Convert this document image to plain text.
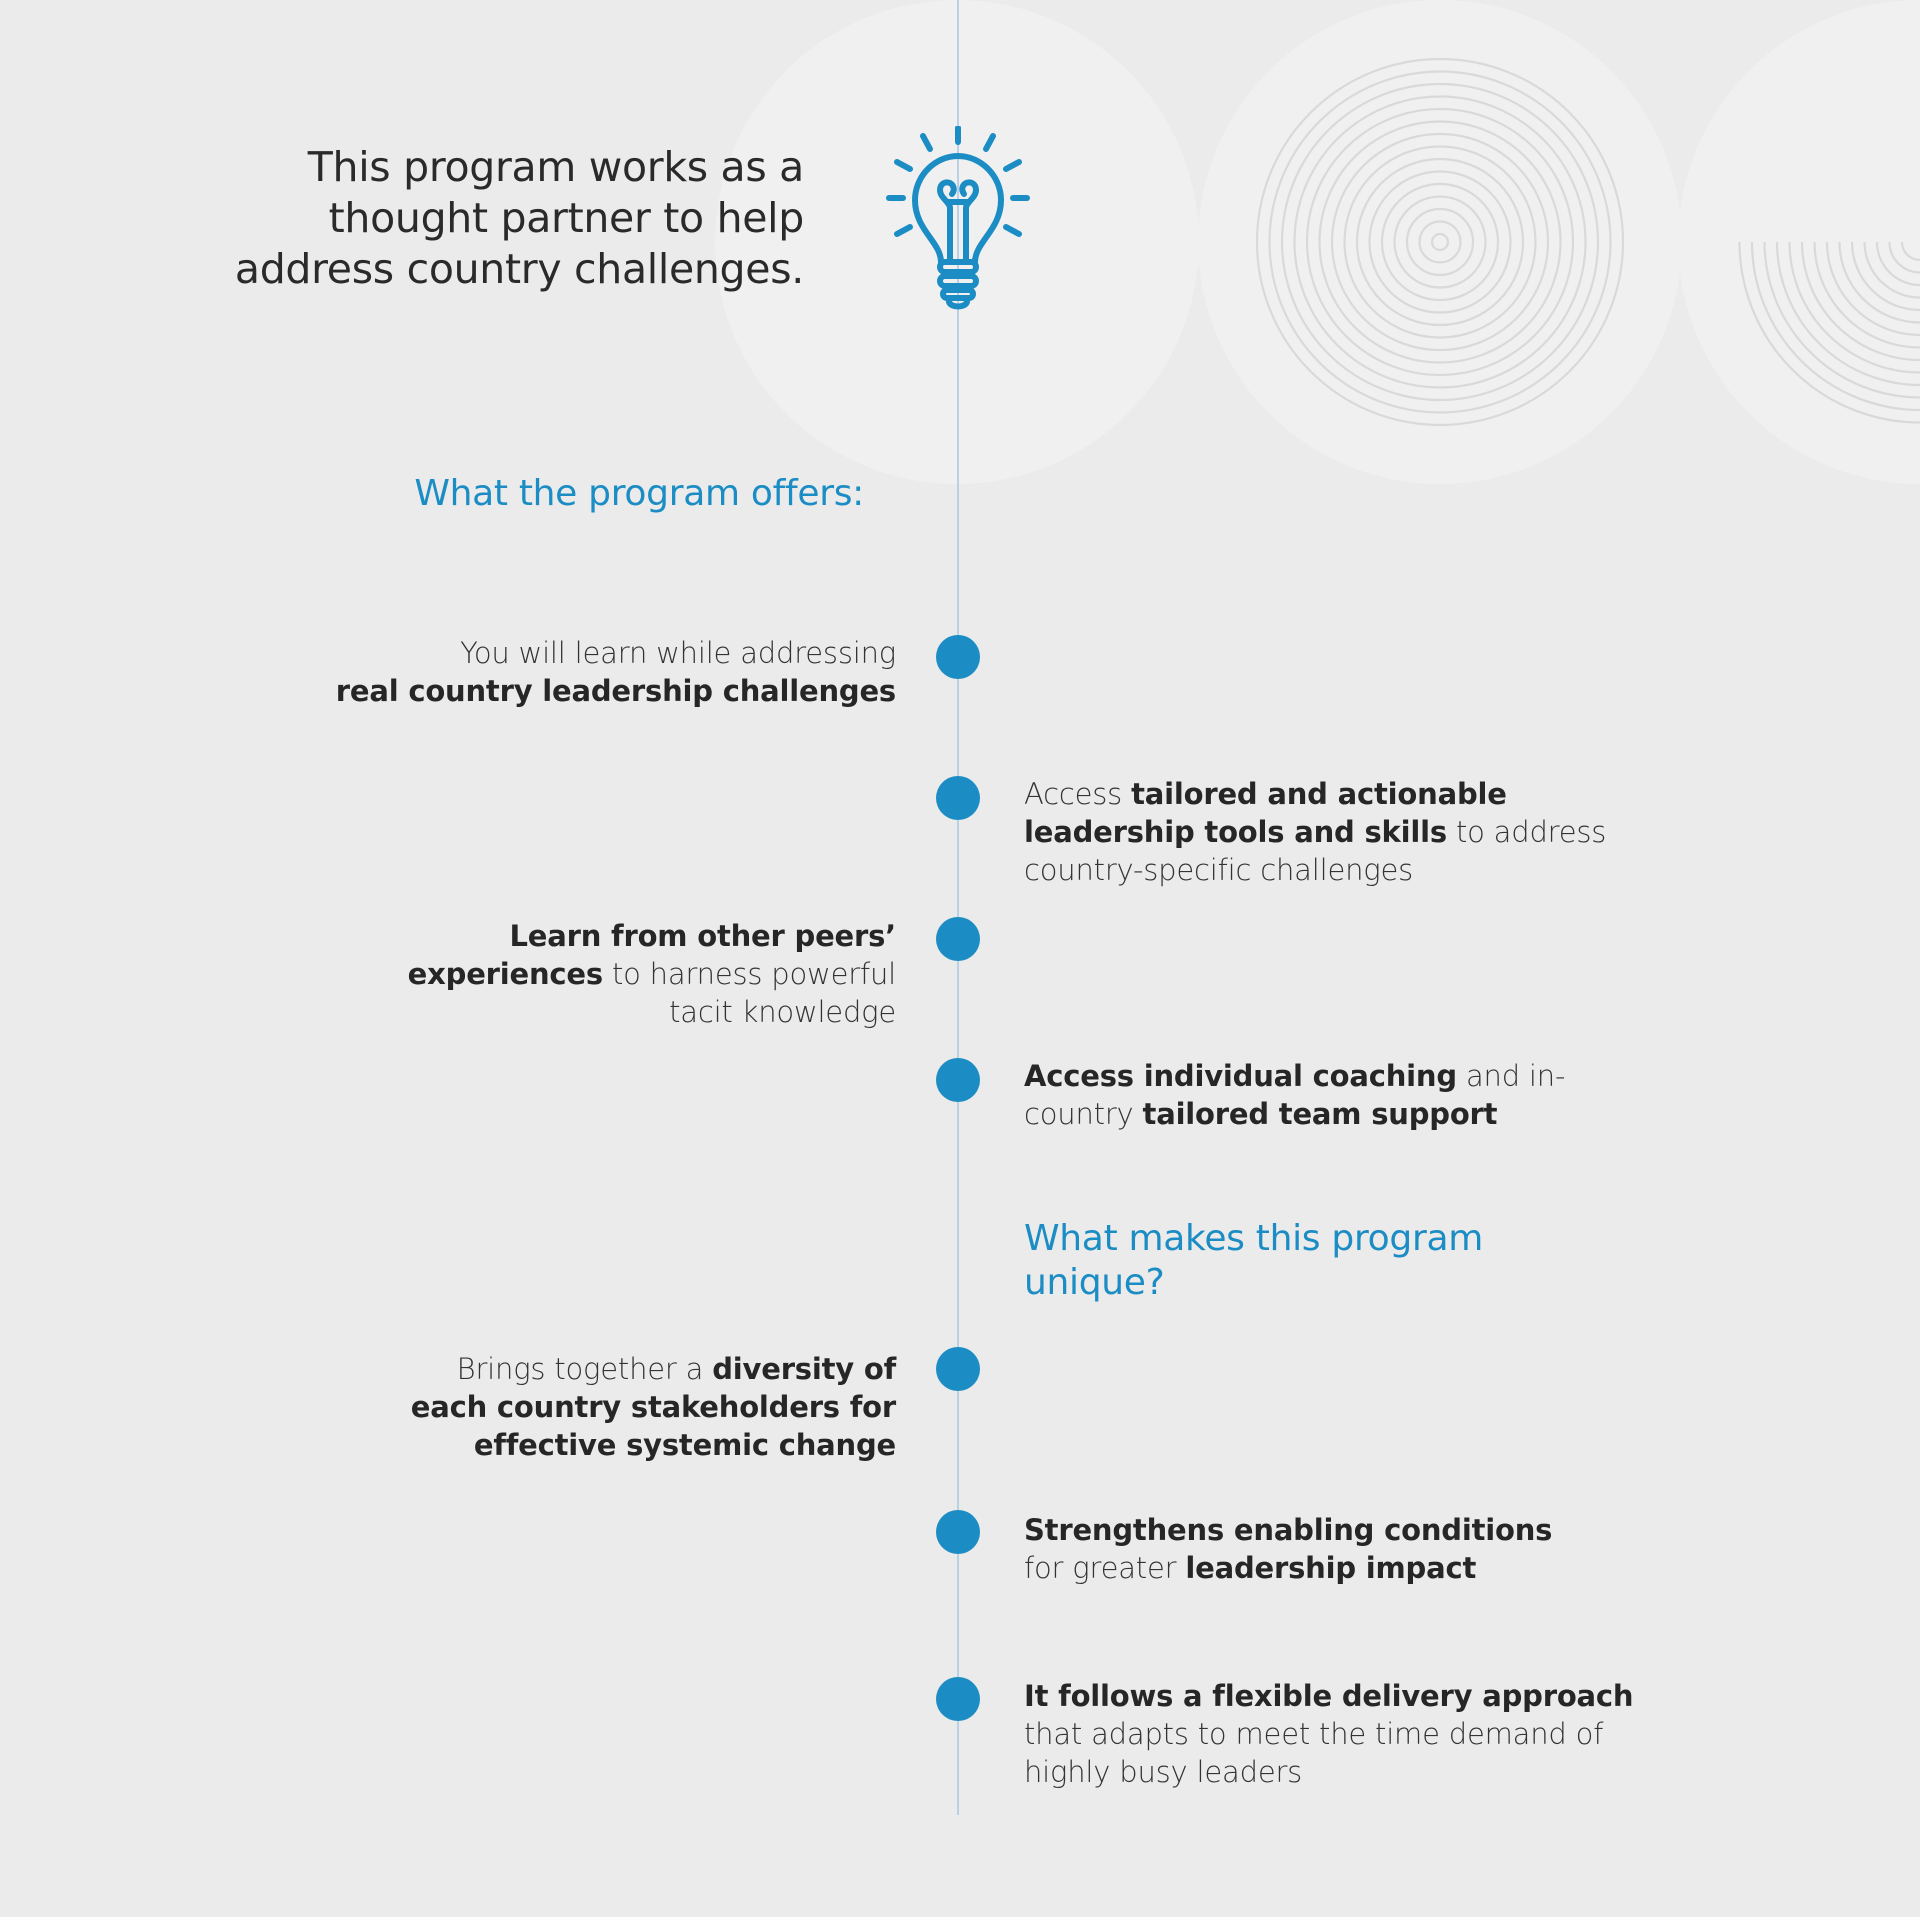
This program works as a
thought partner to help
address country challenges.
What the program offers:
You will learn while addressing
real country leadership challenges
Access tailored and actionable leadership tools and skills to address country-specific challenges
Learn from other peers’ experiences to harness powerful tacit knowledge
Access individual coaching and in-country tailored team support
What makes this program unique?
Brings together a diversity of each country stakeholders for effective systemic change
Strengthens enabling conditions for greater leadership impact
It follows a flexible delivery approach that adapts to meet the time demand of highly busy leaders
